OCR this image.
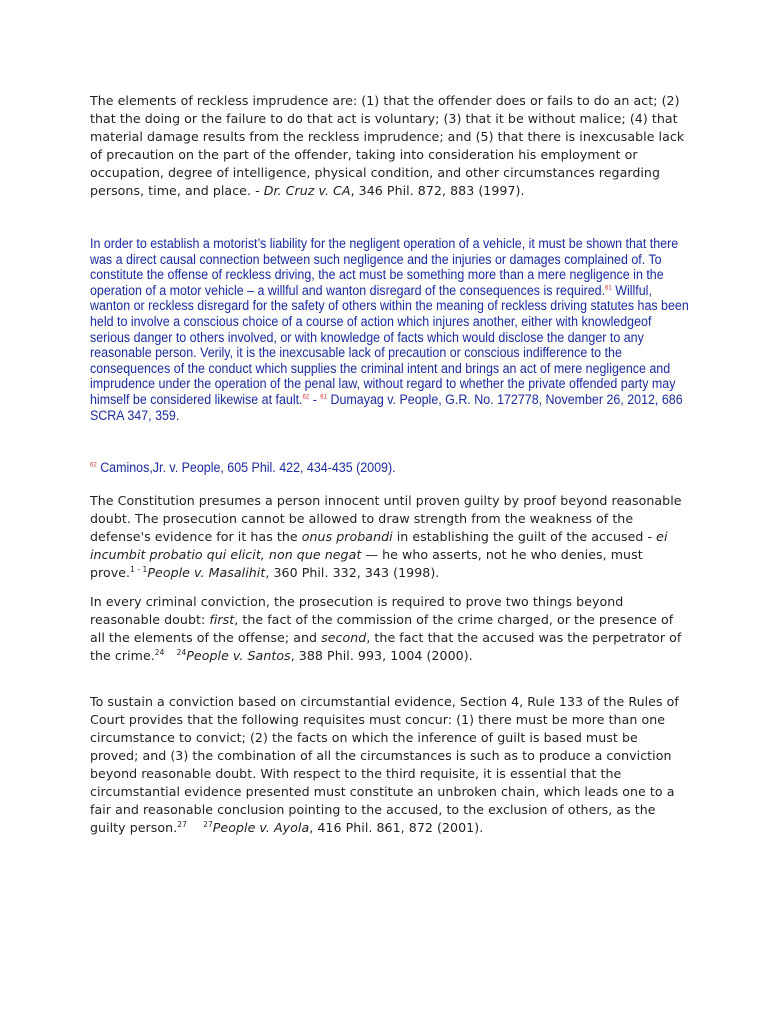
The elements of reckless imprudence are: (1) that the offender does or fails to do an act; (2) that the doing or the failure to do that act is voluntary; (3) that it be without malice; (4) that material damage results from the reckless imprudence; and (5) that there is inexcusable lack of precaution on the part of the offender, taking into consideration his employment or occupation, degree of intelligence, physical condition, and other circumstances regarding persons, time, and place. - Dr. Cruz v. CA, 346 Phil. 872, 883 (1997).

In order to establish a motorist’s liability for the negligent operation of a vehicle, it must be shown that there was a direct causal connection between such negligence and the injuries or damages complained of. To constitute the offense of reckless driving, the act must be something more than a mere negligence in the operation of a motor vehicle – a willful and wanton disregard of the consequences is required.$^{61}$ Willful, wanton or reckless disregard for the safety of others within the meaning of reckless driving statutes has been held to involve a conscious choice of a course of action which injures another, either with knowledgeof serious danger to others involved, or with knowledge of facts which would disclose the danger to any reasonable person. Verily, it is the inexcusable lack of precaution or conscious indifference to the consequences of the conduct which supplies the criminal intent and brings an act of mere negligence and imprudence under the operation of the penal law, without regard to whether the private offended party may himself be considered likewise at fault.$^{62}$ - $^{61}$ Dumayag v. People, G.R. No. 172778, November 26, 2012, 686 SCRA 347, 359.

$^{62}$ Caminos,Jr. v. People, 605 Phil. 422, 434-435 (2009).

The Constitution presumes a person innocent until proven guilty by proof beyond reasonable doubt. The prosecution cannot be allowed to draw strength from the weakness of the defense's evidence for it has the onus probandi in establishing the guilt of the accused - ei incumbit probatio qui elicit, non que negat — he who asserts, not he who denies, must prove.$^{1 - 1}$People v. Masalihit, 360 Phil. 332, 343 (1998).

In every criminal conviction, the prosecution is required to prove two things beyond reasonable doubt: first, the fact of the commission of the crime charged, or the presence of all the elements of the offense; and second, the fact that the accused was the perpetrator of the crime.$^{24}$ $^{24}$People v. Santos, 388 Phil. 993, 1004 (2000).

To sustain a conviction based on circumstantial evidence, Section 4, Rule 133 of the Rules of Court provides that the following requisites must concur: (1) there must be more than one circumstance to convict; (2) the facts on which the inference of guilt is based must be proved; and (3) the combination of all the circumstances is such as to produce a conviction beyond reasonable doubt. With respect to the third requisite, it is essential that the circumstantial evidence presented must constitute an unbroken chain, which leads one to a fair and reasonable conclusion pointing to the accused, to the exclusion of others, as the guilty person.$^{27}$ $^{27}$People v. Ayola, 416 Phil. 861, 872 (2001).
